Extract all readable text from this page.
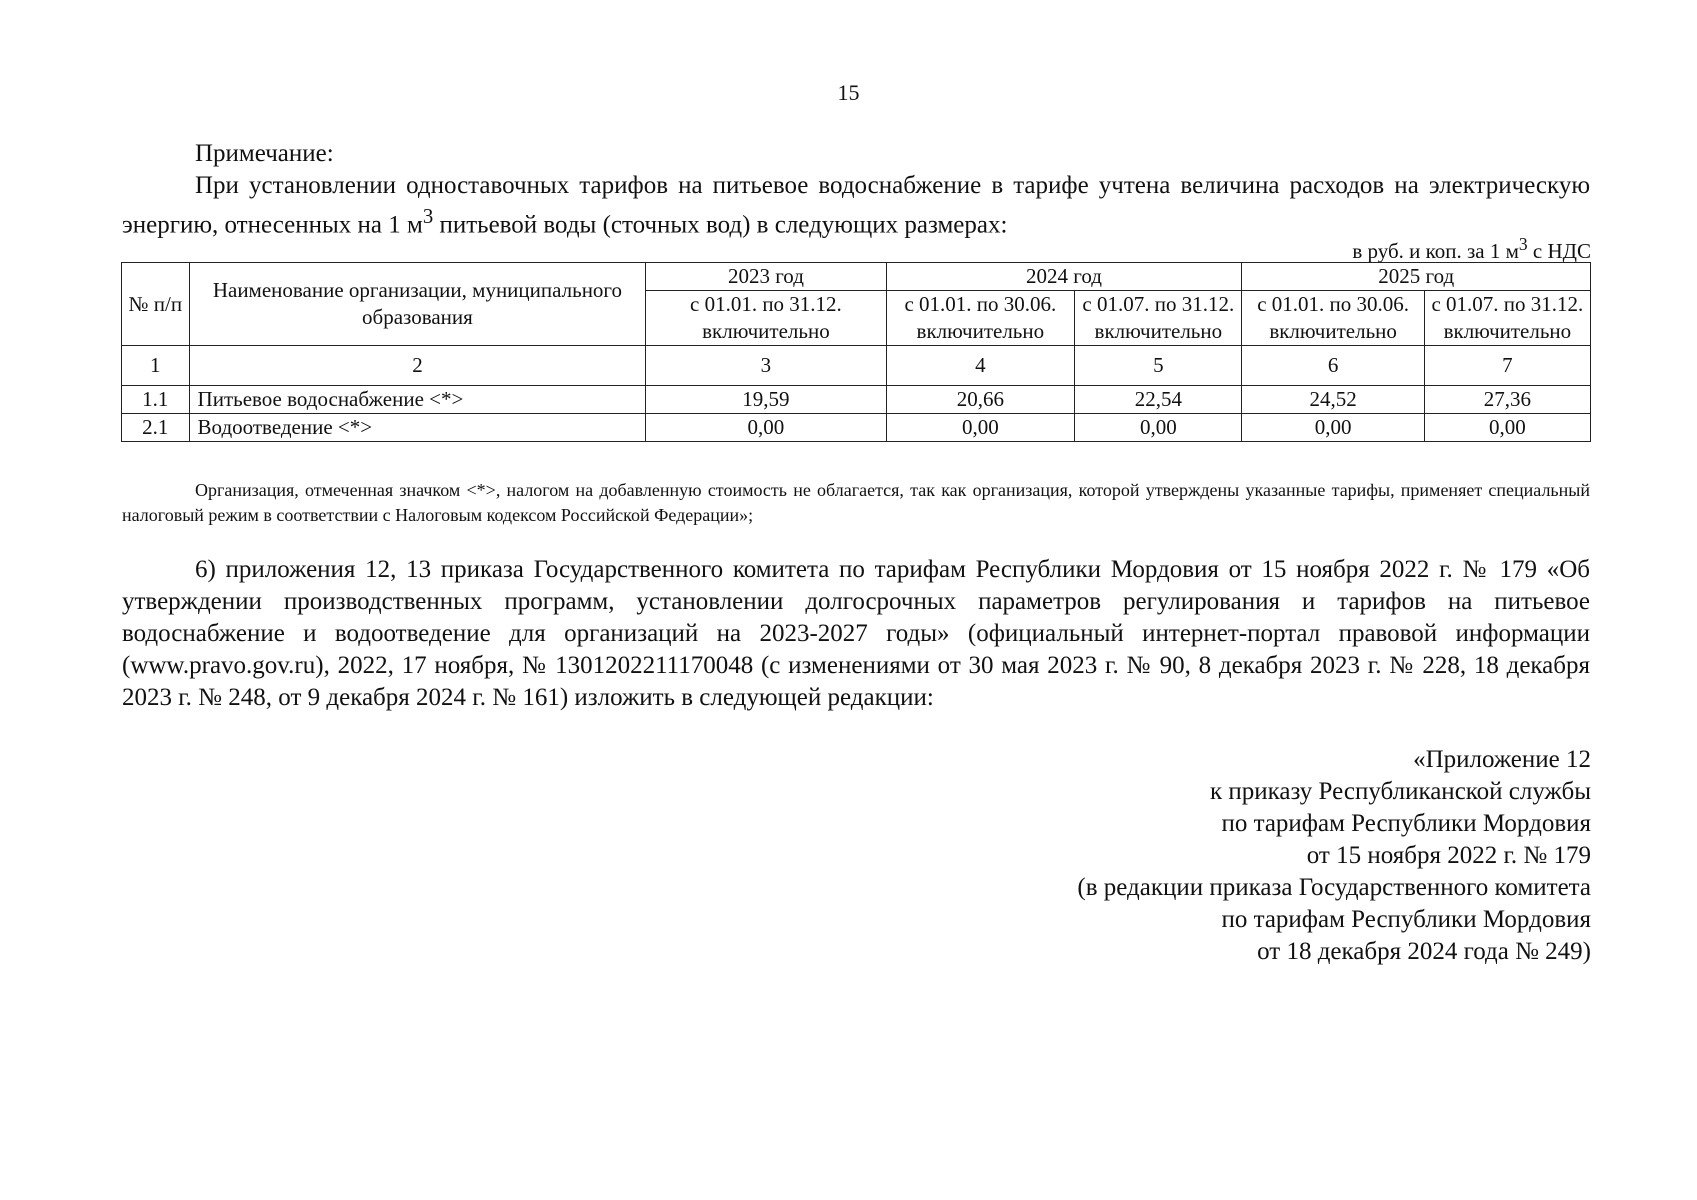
15
Примечание:
При установлении одноставочных тарифов на питьевое водоснабжение в тарифе учтена величина расходов на электрическую энергию, отнесенных на 1 $м^3$ питьевой воды (сточных вод) в следующих размерах:
в руб. и коп. за 1 $м^3$ с НДС
№ п/п	Наименование организации, муниципального образования	2023 год	2024 год		2025 год	
		с 01.01. по 31.12. включительно	с 01.01. по 30.06. включительно	с 01.07. по 31.12. включительно	с 01.01. по 30.06. включительно	с 01.07. по 31.12. включительно
1	2	3	4	5	6	7
1.1	Питьевое водоснабжение <*>	19,59	20,66	22,54	24,52	27,36
2.1	Водоотведение <*>	0,00	0,00	0,00	0,00	0,00
Организация, отмеченная значком <*>, налогом на добавленную стоимость не облагается, так как организация, которой утверждены указанные тарифы, применяет специальный налоговый режим в соответствии с Налоговым кодексом Российской Федерации»;
6) приложения 12, 13 приказа Государственного комитета по тарифам Республики Мордовия от 15 ноября 2022 г. № 179 «Об утверждении производственных программ, установлении долгосрочных параметров регулирования и тарифов на питьевое водоснабжение и водоотведение для организаций на 2023-2027 годы» (официальный интернет-портал правовой информации (www.pravo.gov.ru), 2022, 17 ноября, № 1301202211170048 (с изменениями от 30 мая 2023 г. № 90, 8 декабря 2023 г. № 228, 18 декабря 2023 г. № 248, от 9 декабря 2024 г. № 161) изложить в следующей редакции:
«Приложение 12
к приказу Республиканской службы
по тарифам Республики Мордовия
от 15 ноября 2022 г. № 179
(в редакции приказа Государственного комитета
по тарифам Республики Мордовия
от 18 декабря 2024 года № 249)
